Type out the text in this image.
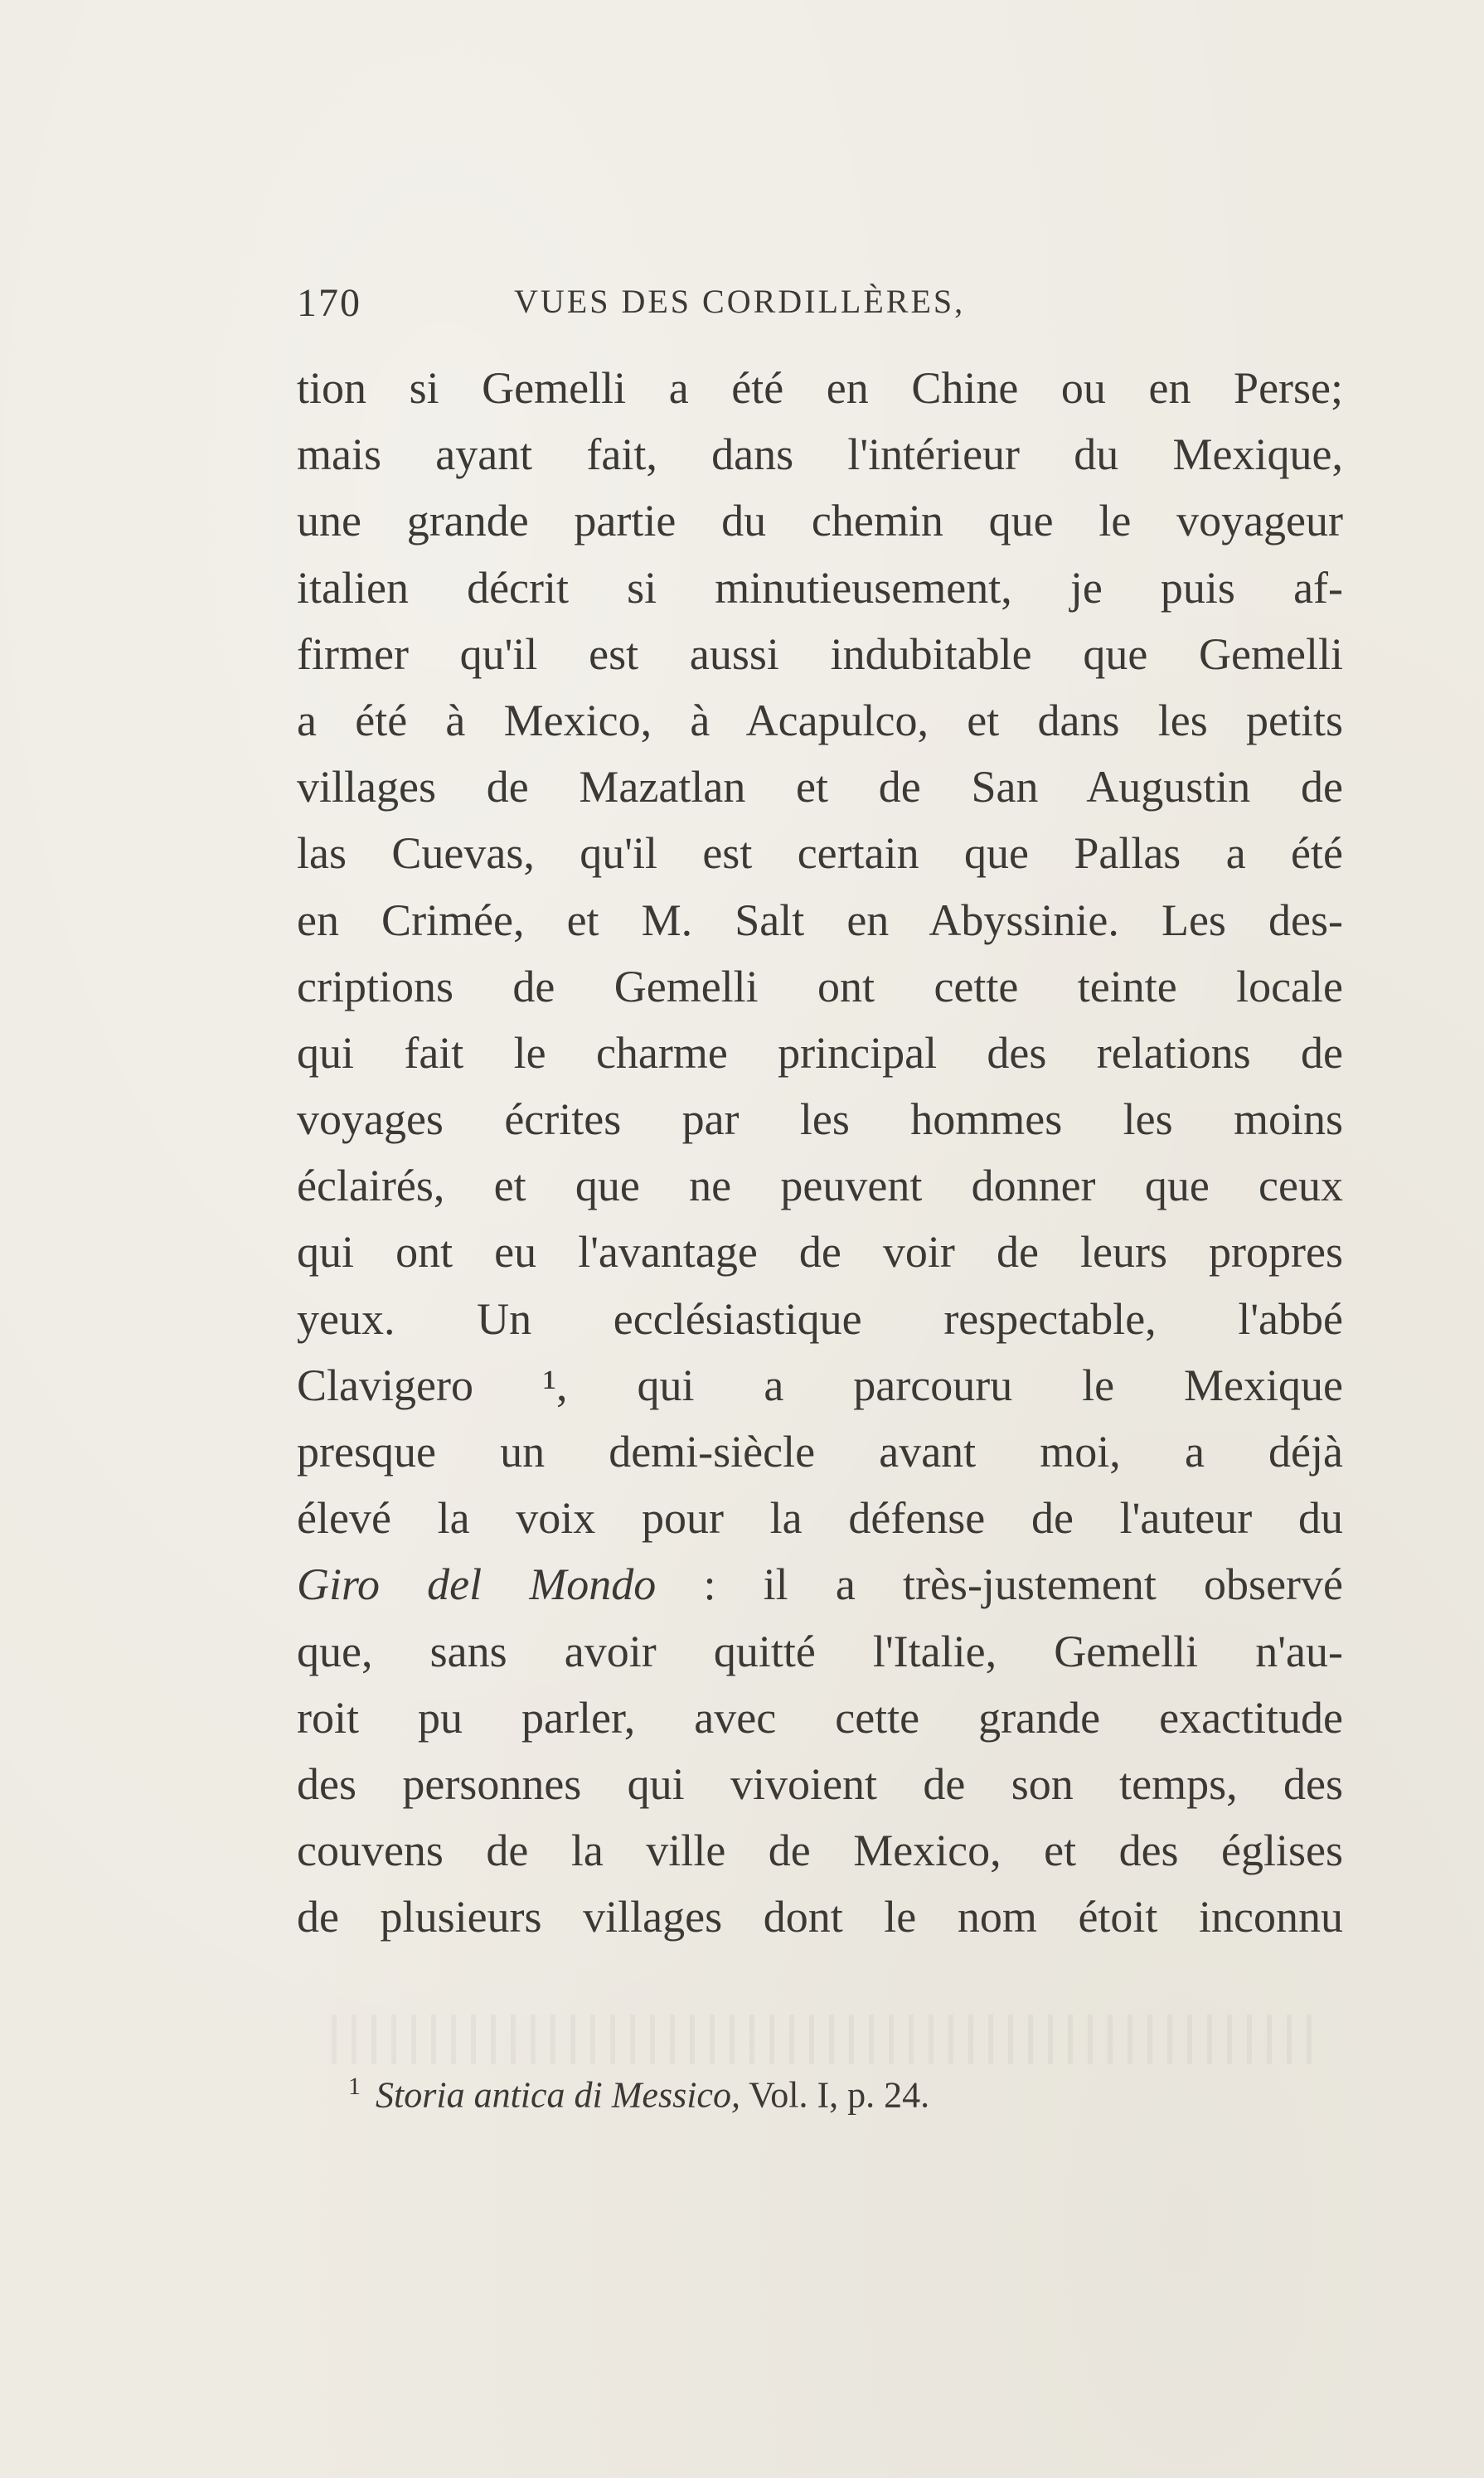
170	VUES DES CORDILLÈRES,
tion si Gemelli a été en Chine ou en Perse;
mais ayant fait, dans l'intérieur du Mexique,
une grande partie du chemin que le voyageur
italien décrit si minutieusement, je puis af-
firmer qu'il est aussi indubitable que Gemelli
a été à Mexico, à Acapulco, et dans les petits
villages de Mazatlan et de San Augustin de
las Cuevas, qu'il est certain que Pallas a été
en Crimée, et M. Salt en Abyssinie. Les des-
criptions de Gemelli ont cette teinte locale
qui fait le charme principal des relations de
voyages écrites par les hommes les moins
éclairés, et que ne peuvent donner que ceux
qui ont eu l'avantage de voir de leurs propres
yeux. Un ecclésiastique respectable, l'abbé
Clavigero ¹, qui a parcouru le Mexique
presque un demi-siècle avant moi, a déjà
élevé la voix pour la défense de l'auteur du
Giro del Mondo : il a très-justement observé
que, sans avoir quitté l'Italie, Gemelli n'au-
roit pu parler, avec cette grande exactitude
des personnes qui vivoient de son temps, des
couvens de la ville de Mexico, et des églises
de plusieurs villages dont le nom étoit inconnu
$^1$ Storia antica di Messico, Vol. I, p. 24.
